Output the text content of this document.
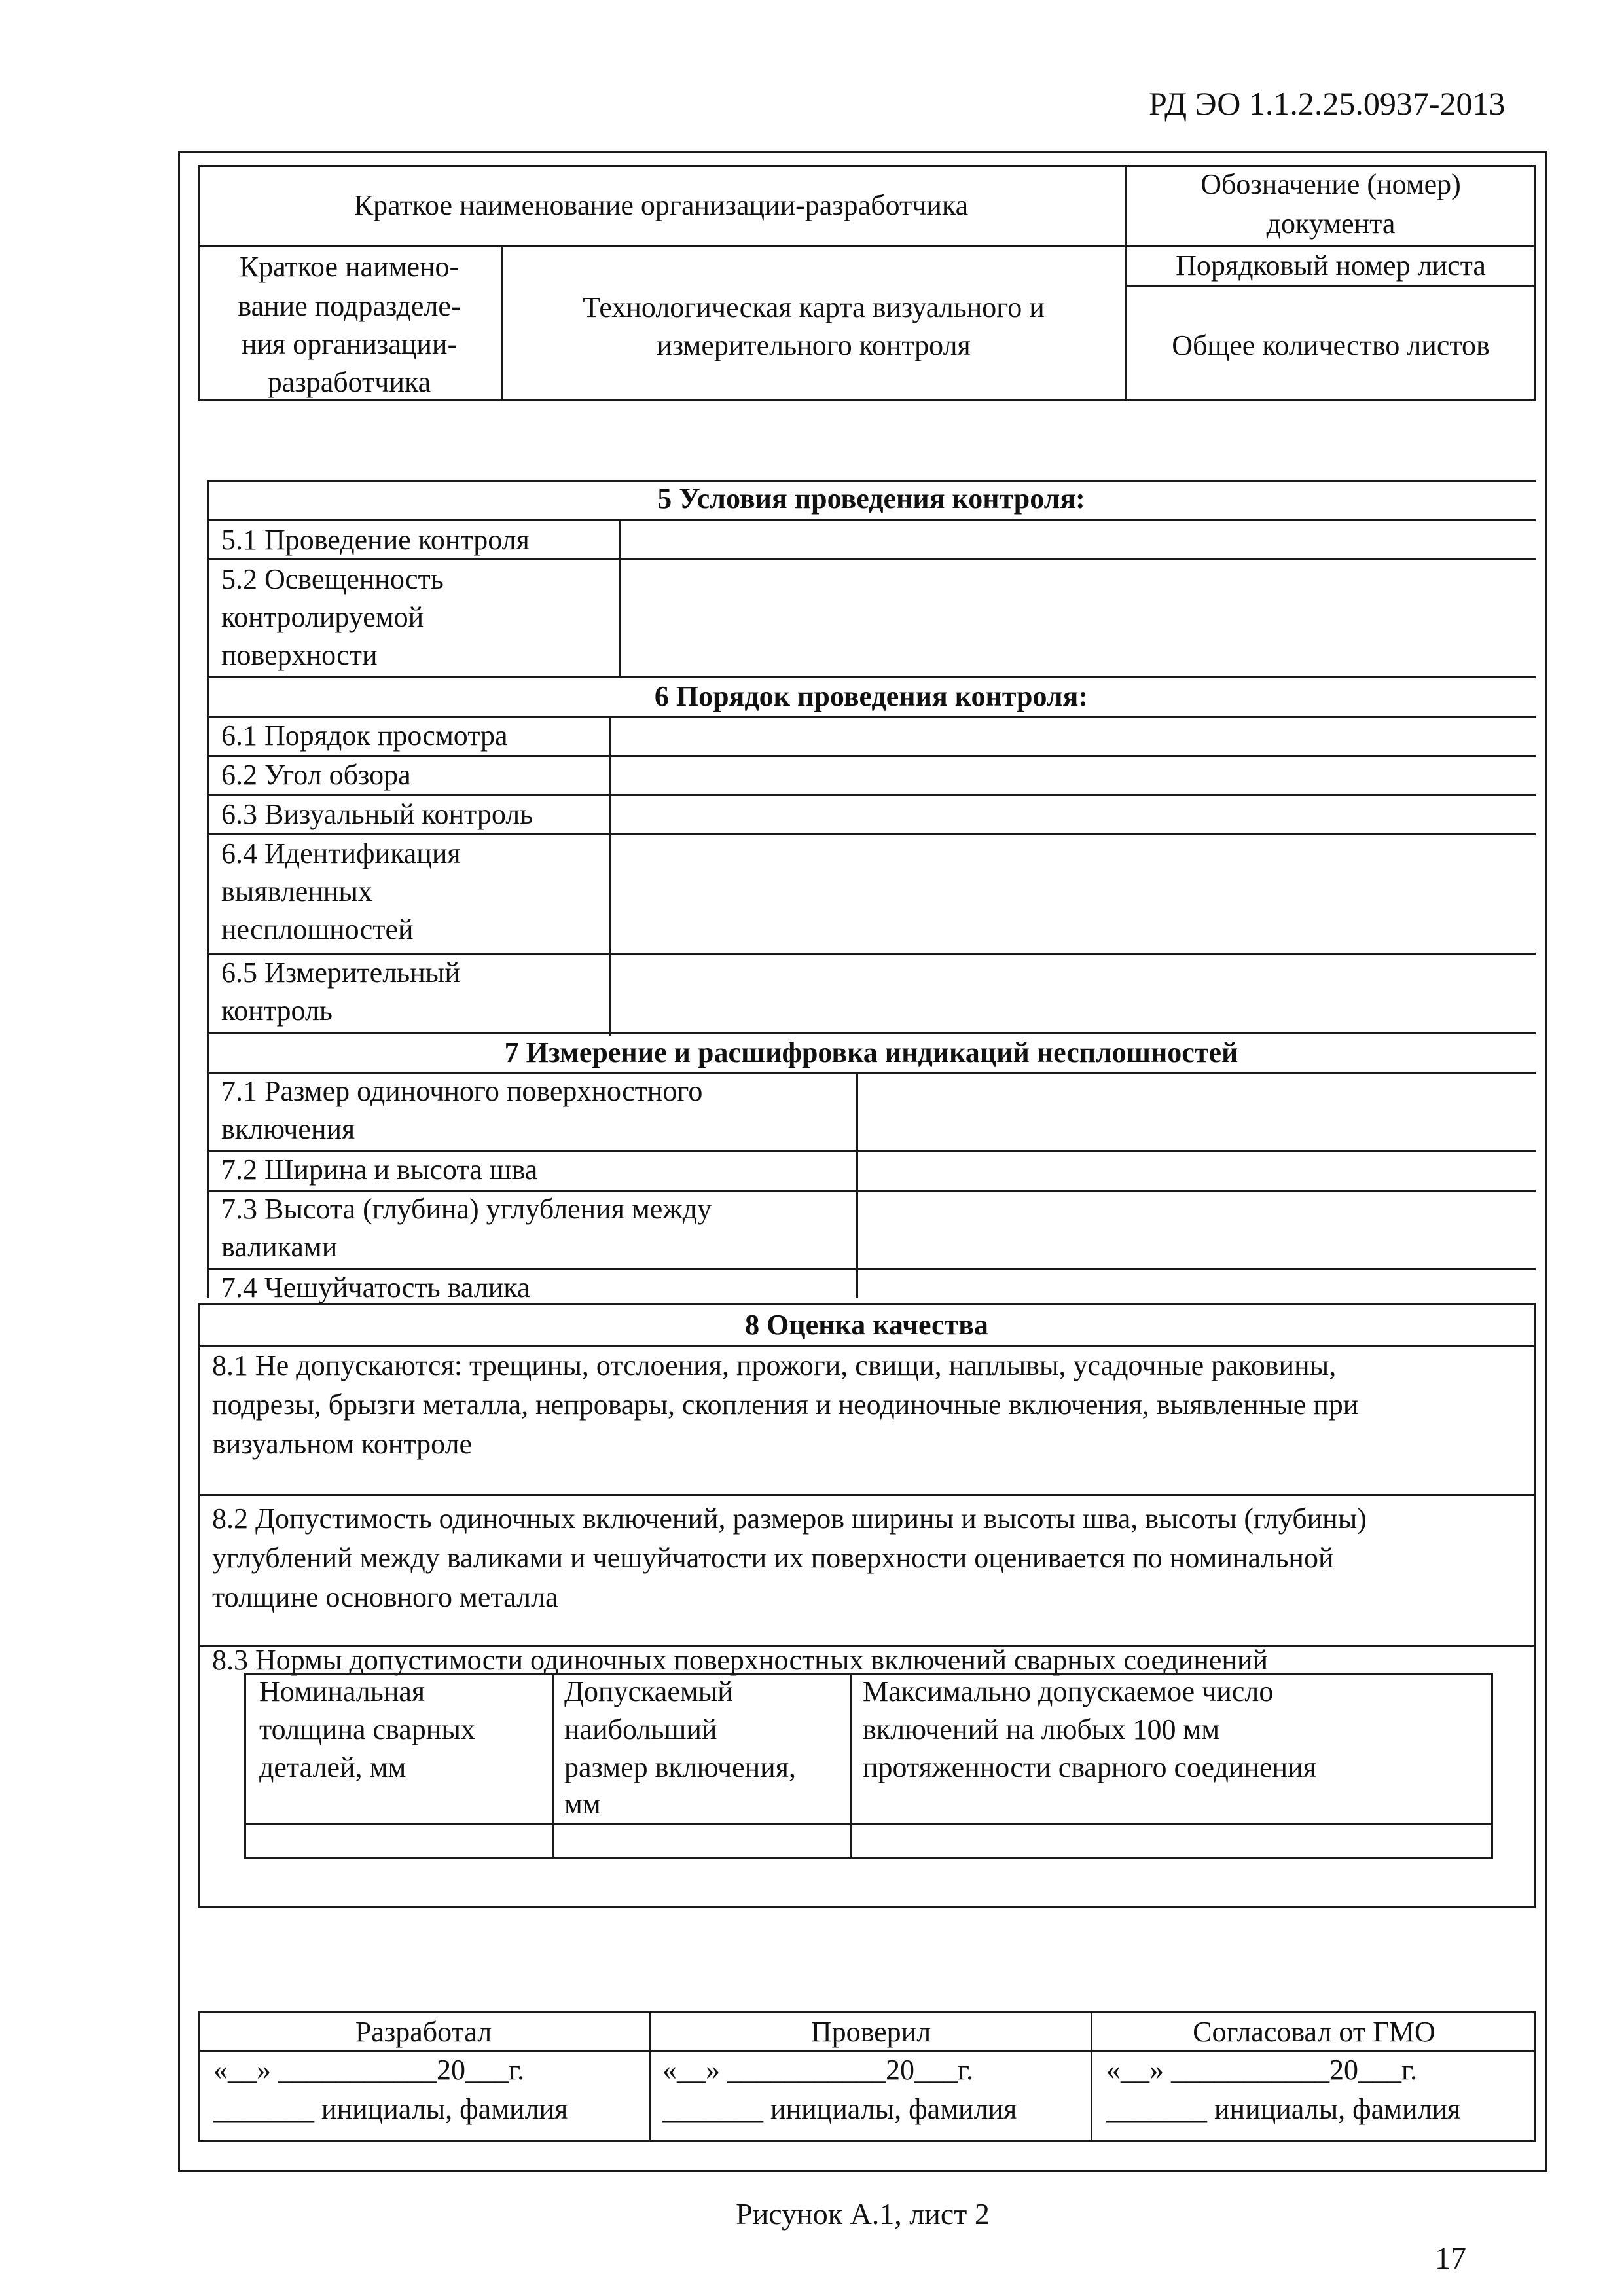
РД ЭО 1.1.2.25.0937-2013
Краткое наименование организации-разработчика
Обозначение (номер)
документа
Краткое наимено-
вание подразделе-
ния организации-
разработчика
Технологическая карта визуального и
измерительного контроля
Порядковый номер листа
Общее количество листов
5 Условия проведения контроля:
5.1 Проведение контроля
5.2 Освещенность
контролируемой
поверхности
6 Порядок проведения контроля:
6.1 Порядок просмотра
6.2 Угол обзора
6.3 Визуальный контроль
6.4 Идентификация
выявленных
несплошностей
6.5 Измерительный
контроль
7 Измерение и расшифровка индикаций несплошностей
7.1 Размер одиночного поверхностного
включения
7.2 Ширина и высота шва
7.3 Высота (глубина) углубления между
валиками
7.4 Чешуйчатость валика
8 Оценка качества
8.1 Не допускаются: трещины, отслоения, прожоги, свищи, наплывы, усадочные раковины,
подрезы, брызги металла, непровары, скопления и неодиночные включения, выявленные при
визуальном контроле
8.2 Допустимость одиночных включений, размеров ширины и высоты шва, высоты (глубины)
углублений между валиками и чешуйчатости их поверхности оценивается по номинальной
толщине основного металла
8.3 Нормы допустимости одиночных поверхностных включений сварных соединений
Номинальная
толщина сварных
деталей, мм
Допускаемый
наибольший
размер включения,
мм
Максимально допускаемое число
включений на любых 100 мм
протяженности сварного соединения
Разработал	Проверил	Согласовал от ГМО
«__» ___________20___г.
_______ инициалы, фамилия
«__» ___________20___г.
_______ инициалы, фамилия
«__» ___________20___г.
_______ инициалы, фамилия
Рисунок А.1, лист 2
17
